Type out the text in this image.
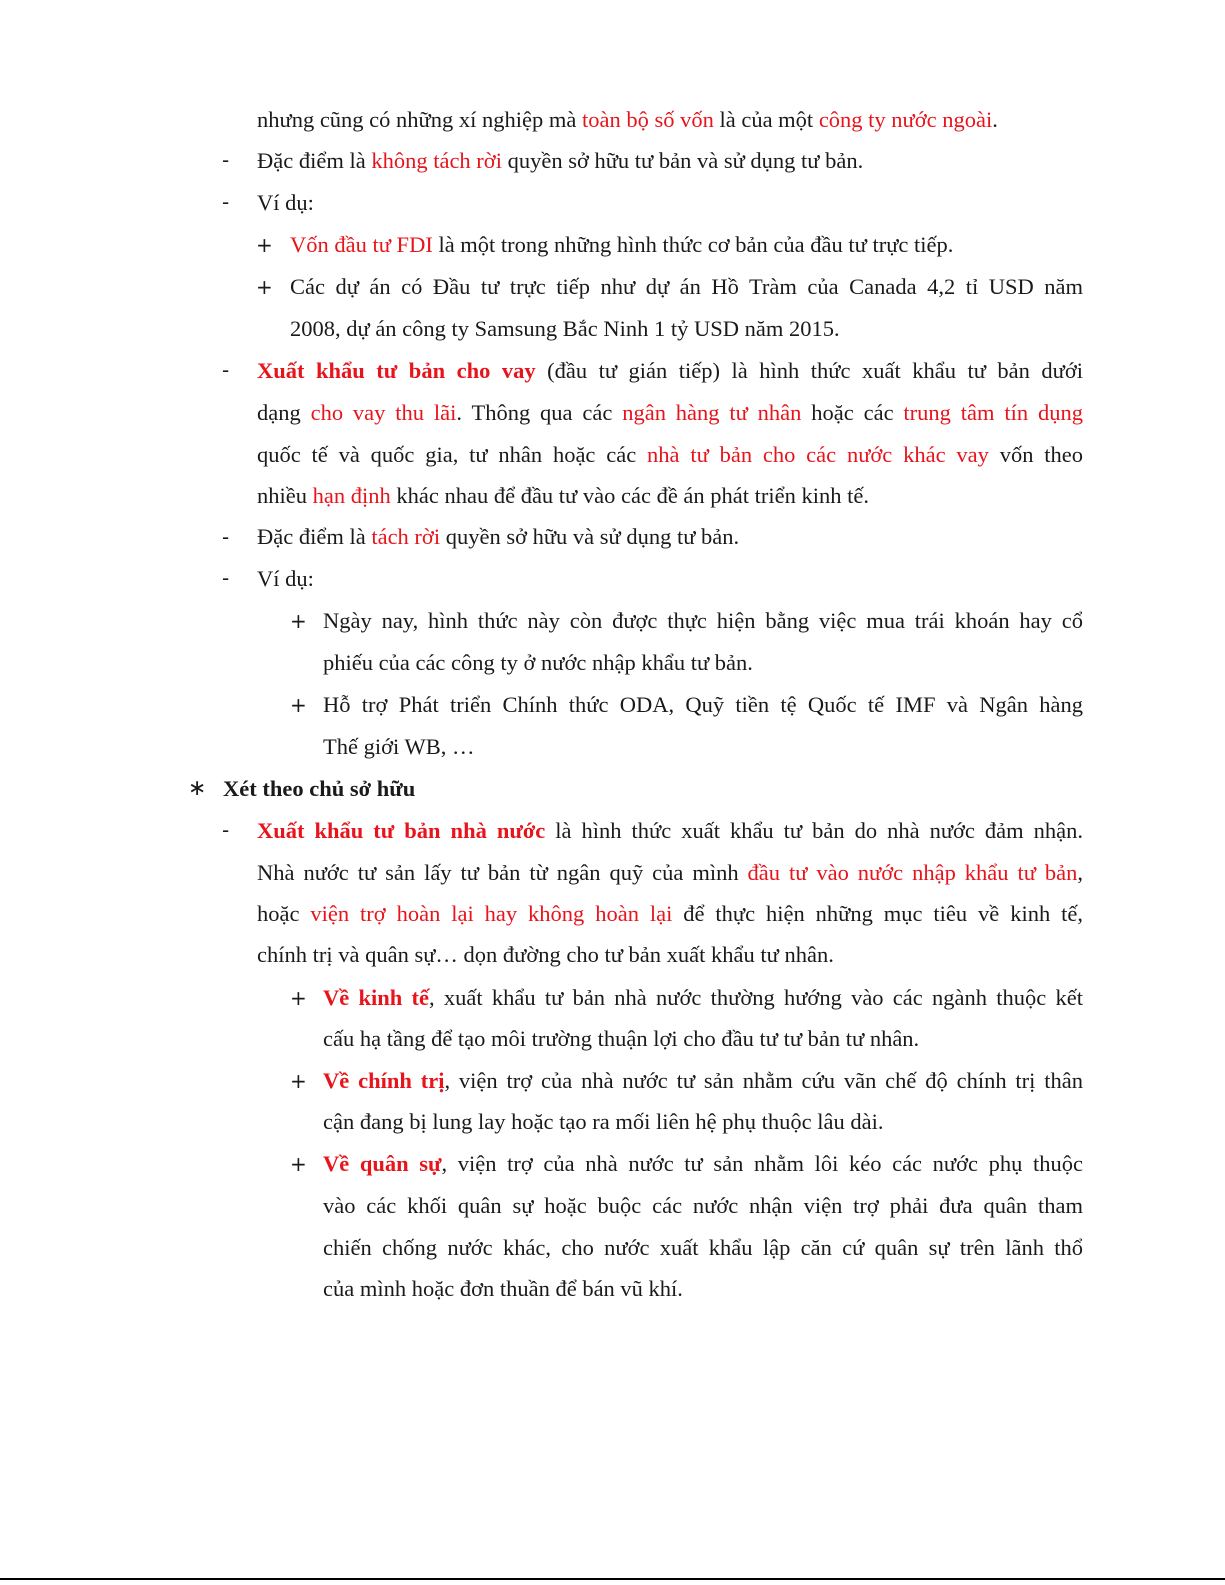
-
-
+
+
-
-
-
+
+
∗
-
+
+
+
nhưng cũng có những xí nghiệp mà toàn bộ số vốn là của một công ty nước ngoài.
Đặc điểm là không tách rời quyền sở hữu tư bản và sử dụng tư bản.
Ví dụ:
Vốn đầu tư FDI là một trong những hình thức cơ bản của đầu tư trực tiếp.
Các dự án có Đầu tư trực tiếp như dự án Hồ Tràm của Canada 4,2 tỉ USD năm
2008, dự án công ty Samsung Bắc Ninh 1 tỷ USD năm 2015.
Xuất khẩu tư bản cho vay (đầu tư gián tiếp) là hình thức xuất khẩu tư bản dưới
dạng cho vay thu lãi. Thông qua các ngân hàng tư nhân hoặc các trung tâm tín dụng
quốc tế và quốc gia, tư nhân hoặc các nhà tư bản cho các nước khác vay vốn theo
nhiều hạn định khác nhau để đầu tư vào các đề án phát triển kinh tế.
Đặc điểm là tách rời quyền sở hữu và sử dụng tư bản.
Ví dụ:
Ngày nay, hình thức này còn được thực hiện bằng việc mua trái khoán hay cổ
phiếu của các công ty ở nước nhập khẩu tư bản.
Hỗ trợ Phát triển Chính thức ODA, Quỹ tiền tệ Quốc tế IMF và Ngân hàng
Thế giới WB, …
Xét theo chủ sở hữu
Xuất khẩu tư bản nhà nước là hình thức xuất khẩu tư bản do nhà nước đảm nhận.
Nhà nước tư sản lấy tư bản từ ngân quỹ của mình đầu tư vào nước nhập khẩu tư bản,
hoặc viện trợ hoàn lại hay không hoàn lại để thực hiện những mục tiêu về kinh tế,
chính trị và quân sự… dọn đường cho tư bản xuất khẩu tư nhân.
Về kinh tế, xuất khẩu tư bản nhà nước thường hướng vào các ngành thuộc kết
cấu hạ tầng để tạo môi trường thuận lợi cho đầu tư tư bản tư nhân.
Về chính trị, viện trợ của nhà nước tư sản nhằm cứu vãn chế độ chính trị thân
cận đang bị lung lay hoặc tạo ra mối liên hệ phụ thuộc lâu dài.
Về quân sự, viện trợ của nhà nước tư sản nhằm lôi kéo các nước phụ thuộc
vào các khối quân sự hoặc buộc các nước nhận viện trợ phải đưa quân tham
chiến chống nước khác, cho nước xuất khẩu lập căn cứ quân sự trên lãnh thổ
của mình hoặc đơn thuần để bán vũ khí.
